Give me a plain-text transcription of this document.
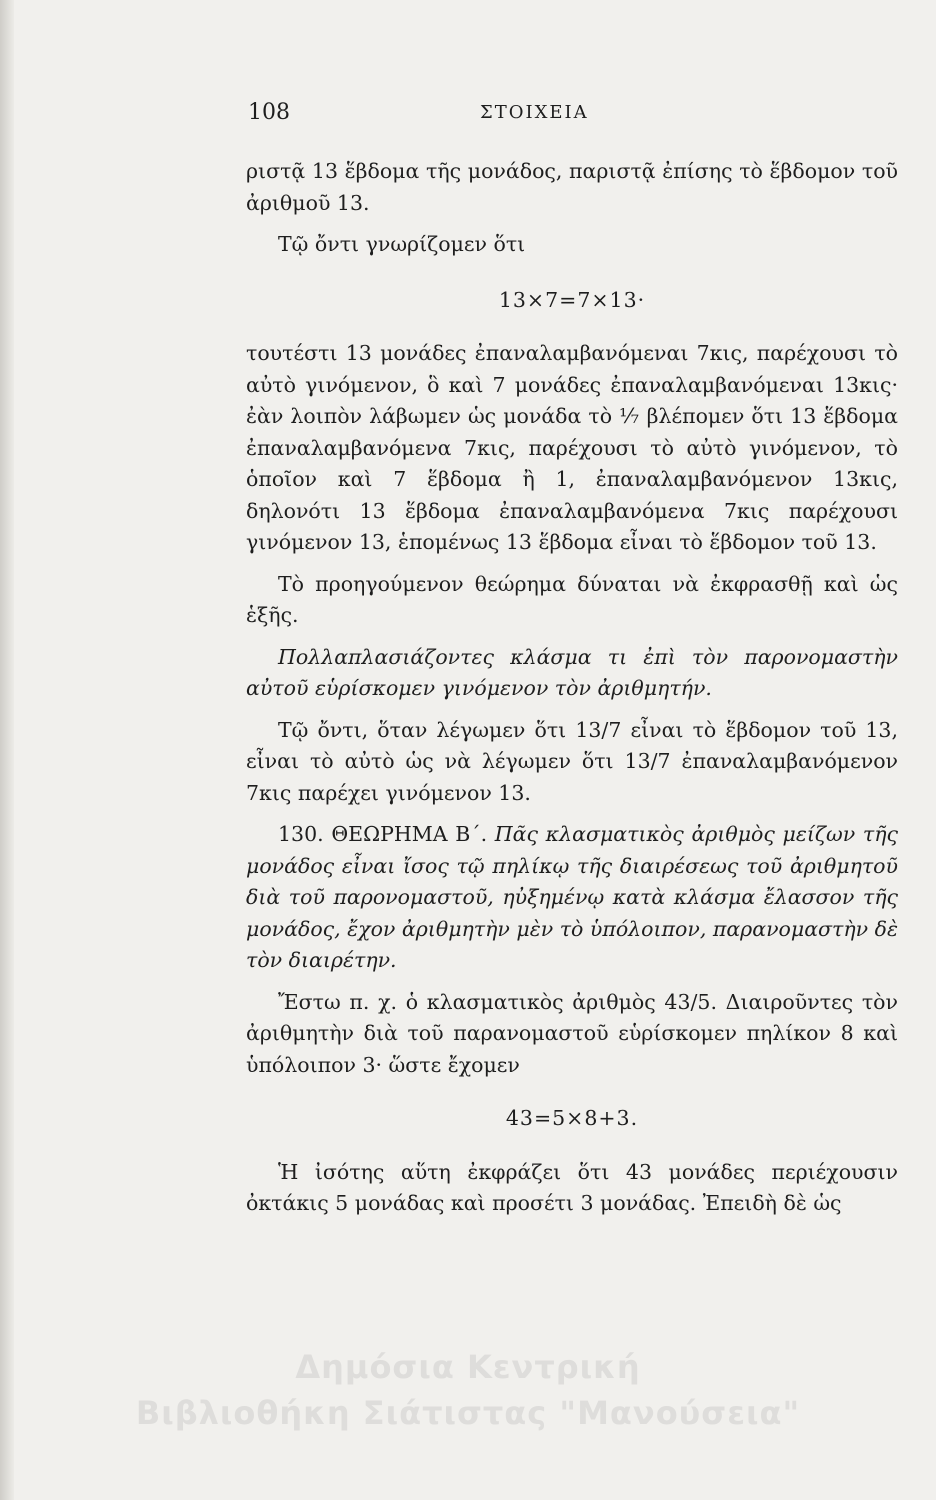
108	ΣΤΟΙΧΕΙΑ

ριστᾷ 13 ἕβδομα τῆς μονάδος, παριστᾷ ἐπίσης τὸ ἕβδομον τοῦ ἀριθμοῦ 13.

Τῷ ὄντι γνωρίζομεν ὅτι

13×7=7×13·

τουτέστι 13 μονάδες ἐπαναλαμβανόμεναι 7κις, παρέχουσι τὸ αὐτὸ γινόμενον, ὃ καὶ 7 μονάδες ἐπαναλαμβανόμεναι 13κις· ἐὰν λοιπὸν λάβωμεν ὡς μονάδα τὸ ⅐ βλέπομεν ὅτι 13 ἕβδομα ἐπαναλαμβανόμενα 7κις, παρέχουσι τὸ αὐτὸ γινόμενον, τὸ ὁποῖον καὶ 7 ἕβδομα ἢ 1, ἐπαναλαμβανόμενον 13κις, δηλονότι 13 ἕβδομα ἐπαναλαμβανόμενα 7κις παρέχουσι γινόμενον 13, ἑπομένως 13 ἕβδομα εἶναι τὸ ἕβδομον τοῦ 13.

Τὸ προηγούμενον θεώρημα δύναται νὰ ἐκφρασθῇ καὶ ὡς ἑξῆς.

Πολλαπλασιάζοντες κλάσμα τι ἐπὶ τὸν παρονομαστὴν αὐτοῦ εὑρίσκομεν γινόμενον τὸν ἀριθμητήν.

Τῷ ὄντι, ὅταν λέγωμεν ὅτι 13/7 εἶναι τὸ ἕβδομον τοῦ 13, εἶναι τὸ αὐτὸ ὡς νὰ λέγωμεν ὅτι 13/7 ἐπαναλαμβανόμενον 7κις παρέχει γινόμενον 13.

130. ΘΕΩΡΗΜΑ Β΄. Πᾶς κλασματικὸς ἀριθμὸς μείζων τῆς μονάδος εἶναι ἴσος τῷ πηλίκῳ τῆς διαιρέσεως τοῦ ἀριθμητοῦ διὰ τοῦ παρονομαστοῦ, ηὐξημένῳ κατὰ κλάσμα ἔλασσον τῆς μονάδος, ἔχον ἀριθμητὴν μὲν τὸ ὑπόλοιπον, παρανομαστὴν δὲ τὸν διαιρέτην.

Ἔστω π. χ. ὁ κλασματικὸς ἀριθμὸς 43/5. Διαιροῦντες τὸν ἀριθμητὴν διὰ τοῦ παρανομαστοῦ εὑρίσκομεν πηλίκον 8 καὶ ὑπόλοιπον 3· ὥστε ἔχομεν

43=5×8+3.

Ἡ ἰσότης αὕτη ἐκφράζει ὅτι 43 μονάδες περιέχουσιν ὀκτάκις 5 μονάδας καὶ προσέτι 3 μονάδας. Ἐπειδὴ δὲ ὡς

Δημόσια Κεντρική
Βιβλιοθήκη Σιάτιστας "Μανούσεια"
